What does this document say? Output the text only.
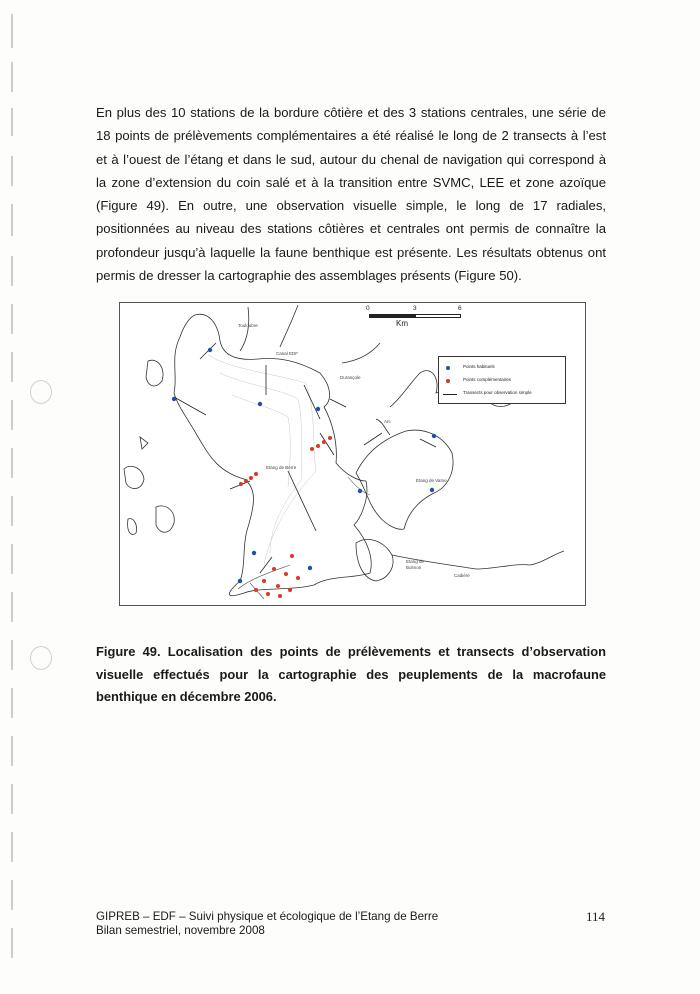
En plus des 10 stations de la bordure côtière et des 3 stations centrales, une série de 18 points de prélèvements complémentaires a été réalisé le long de 2 transects à l’est et à l’ouest de l’étang et dans le sud, autour du chenal de navigation qui correspond à la zone d’extension du coin salé et à la transition entre SVMC, LEE et zone azoïque (Figure 49). En outre, une observation visuelle simple, le long de 17 radiales, positionnées au niveau des stations côtières et centrales ont permis de connaître la profondeur jusqu’à laquelle la faune benthique est présente. Les résultats obtenus ont permis de dresser la cartographie des assemblages présents (Figure 50).

Touloubre
Canal EDF
Durançole
Arc
Etang de Berre
Etang de Vaïne
Etang de Bolmon
Cadière
0	3	6
Km
Points habituels
Points complémentaires
Transects pour observation simple

Figure 49. Localisation des points de prélèvements et transects d’observation visuelle effectués pour la cartographie des peuplements de la macrofaune benthique en décembre 2006.

GIPREB – EDF – Suivi physique et écologique de l’Etang de Berre
Bilan semestriel, novembre 2008
114
